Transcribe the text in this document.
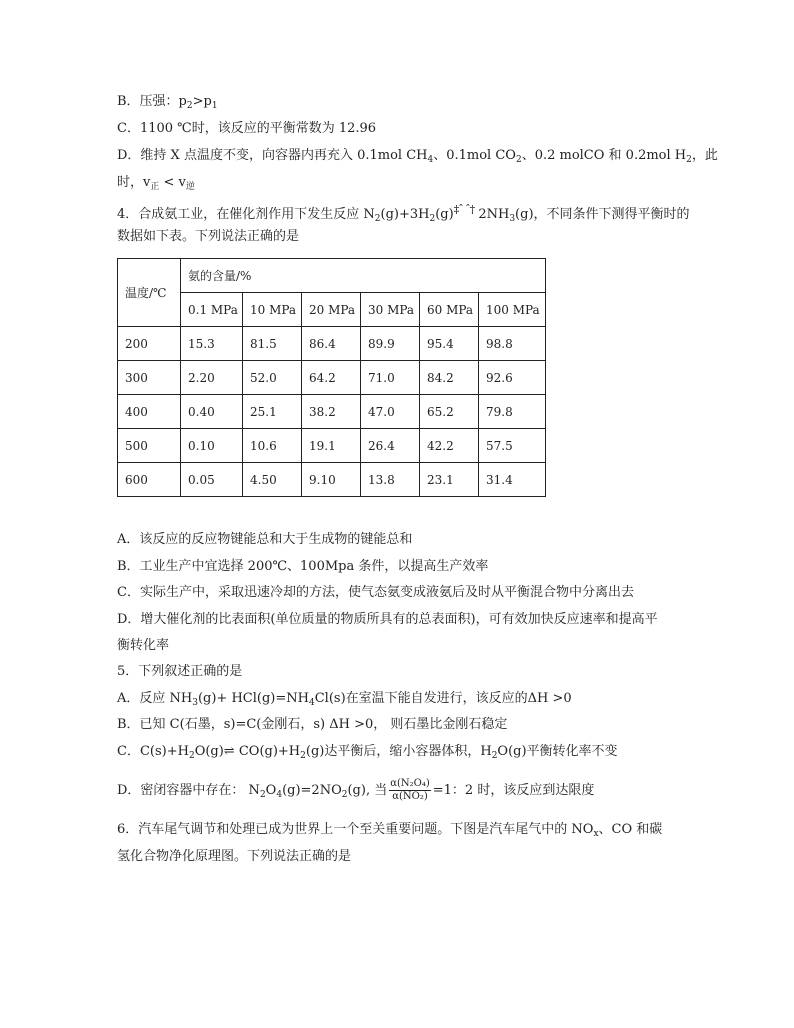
B．压强：$p_2>p_1$
C．1100 ℃时，该反应的平衡常数为 12.96
D．维持 X 点温度不变，向容器内再充入 0.1mol $CH_4$、0.1mol $CO_2$、0.2 molCO 和 0.2mol $H_2$，此
时，$v_正 < v_逆$
4．合成氨工业，在催化剂作用下发生反应 $N_2(g)+3H_2(g)\ddagger ˆ$ ˆ† $2NH_3(g)$，不同条件下测得平衡时的
数据如下表。下列说法正确的是
温度/℃	氨的含量/%					
	0.1 MPa	10 MPa	20 MPa	30 MPa	60 MPa	100 MPa
200	15.3	81.5	86.4	89.9	95.4	98.8
300	2.20	52.0	64.2	71.0	84.2	92.6
400	0.40	25.1	38.2	47.0	65.2	79.8
500	0.10	10.6	19.1	26.4	42.2	57.5
600	0.05	4.50	9.10	13.8	23.1	31.4
A．该反应的反应物键能总和大于生成物的键能总和
B．工业生产中宜选择 200℃、100Mpa 条件，以提高生产效率
C．实际生产中，采取迅速冷却的方法，使气态氨变成液氨后及时从平衡混合物中分离出去
D．增大催化剂的比表面积(单位质量的物质所具有的总表面积)，可有效加快反应速率和提高平
衡转化率
5．下列叙述正确的是
A．反应 $NH_3(g)+ HCl(g)=NH_4Cl(s)$在室温下能自发进行，该反应的ΔH >0
B．已知 C(石墨，s)=C(金刚石，s) ΔH >0， 则石墨比金刚石稳定
C．$C(s)+H_2O(g)\rightleftharpoons$ $CO(g)+H_2(g)$达平衡后，缩小容器体积，$H_2O(g)$平衡转化率不变
D．密闭容器中存在： $N_2O_4(g)=2NO_2(g)$, 当 $\frac{\text{α(N₂O₄)}}{\text{α(NO₂)}} =1$：2 时，该反应到达限度
6．汽车尾气调节和处理已成为世界上一个至关重要问题。下图是汽车尾气中的 $NO_x$、CO 和碳
氢化合物净化原理图。下列说法正确的是
